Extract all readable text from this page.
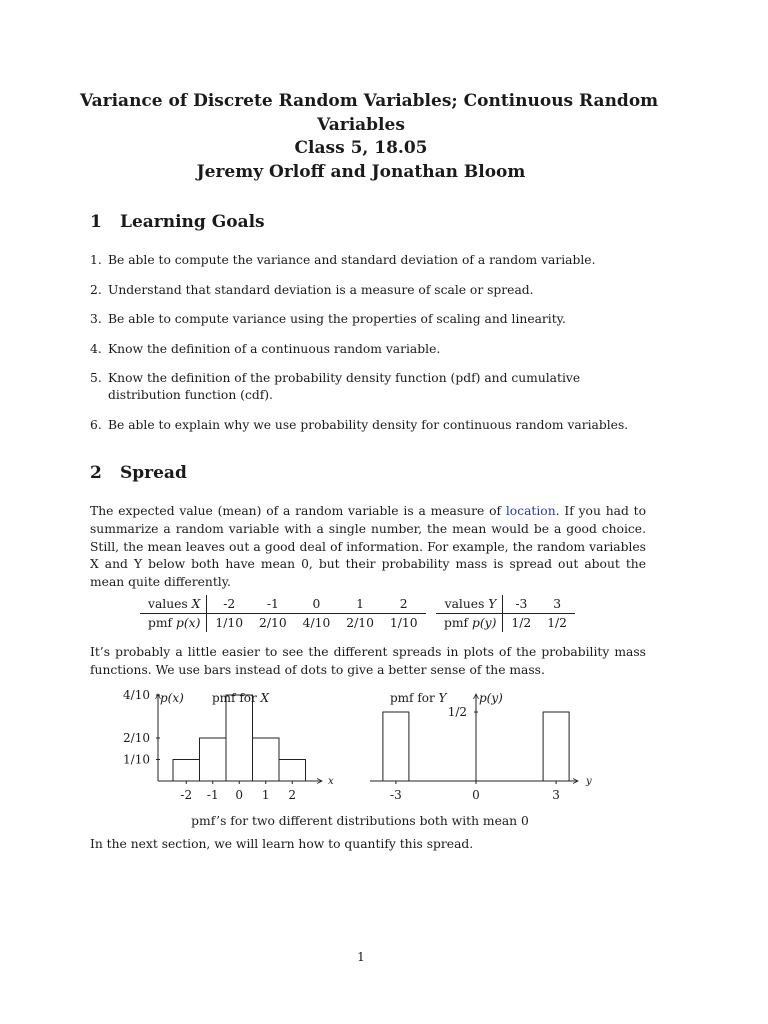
Variance of Discrete Random Variables; Continuous Random
Variables
Class 5, 18.05
Jeremy Orloff and Jonathan Bloom
1 Learning Goals
1. Be able to compute the variance and standard deviation of a random variable.
2. Understand that standard deviation is a measure of scale or spread.
3. Be able to compute variance using the properties of scaling and linearity.
4. Know the definition of a continuous random variable.
5. Know the definition of the probability density function (pdf) and cumulative distribution function (cdf).
6. Be able to explain why we use probability density for continuous random variables.
2 Spread
The expected value (mean) of a random variable is a measure of location. If you had to summarize a random variable with a single number, the mean would be a good choice. Still, the mean leaves out a good deal of information. For example, the random variables X and Y below both have mean 0, but their probability mass is spread out about the mean quite differently.
values X	-2	-1	0	1	2
pmf p(x)	1/10	2/10	4/10	2/10	1/10
values Y	-3	3
pmf p(y)	1/2	1/2
It’s probably a little easier to see the different spreads in plots of the probability mass functions. We use bars instead of dots to give a better sense of the mass.
-2 -1 0 1 2
4/10
2/10
1/10
p(x)
x
pmf for X
-3	0	3
1/2
p(y)
y
pmf for Y
pmf’s for two different distributions both with mean 0
In the next section, we will learn how to quantify this spread.
1
